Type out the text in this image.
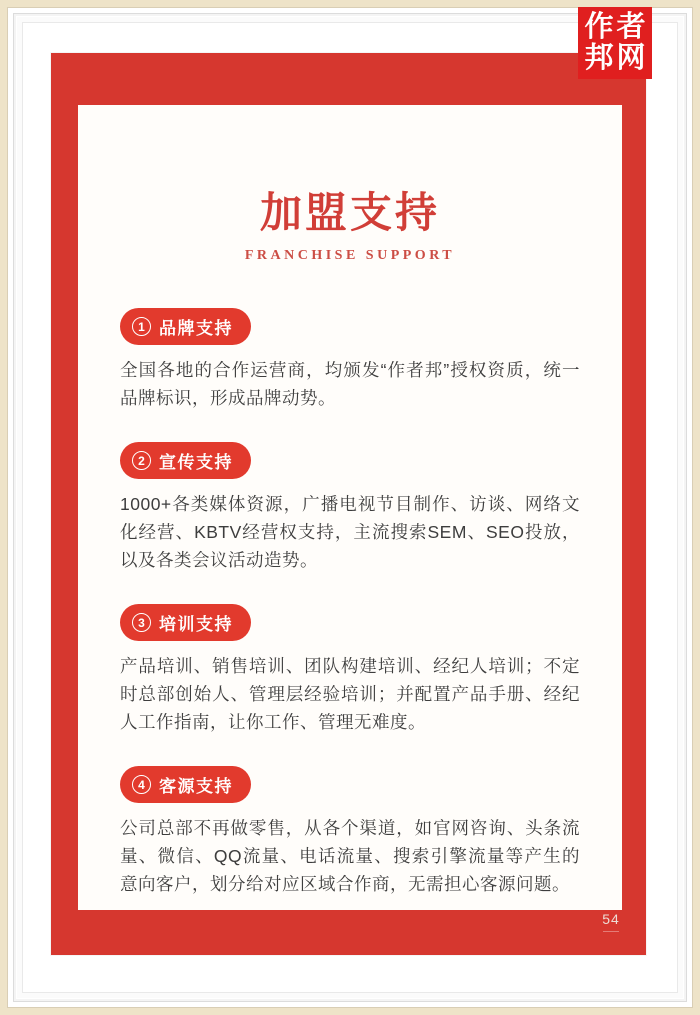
作者
邦网
加盟支持
FRANCHISE SUPPORT
1 品牌支持

全国各地的合作运营商，均颁发“作者邦”授权资质，统一品牌标识，形成品牌动势。

2 宣传支持

1000+各类媒体资源，广播电视节目制作、访谈、网络文化经营、KBTV经营权支持，主流搜索SEM、SEO投放，以及各类会议活动造势。

3 培训支持

产品培训、销售培训、团队构建培训、经纪人培训；不定时总部创始人、管理层经验培训；并配置产品手册、经纪人工作指南，让你工作、管理无难度。

4 客源支持

公司总部不再做零售，从各个渠道，如官网咨询、头条流量、微信、QQ流量、电话流量、搜索引擎流量等产生的意向客户，划分给对应区域合作商，无需担心客源问题。

54
